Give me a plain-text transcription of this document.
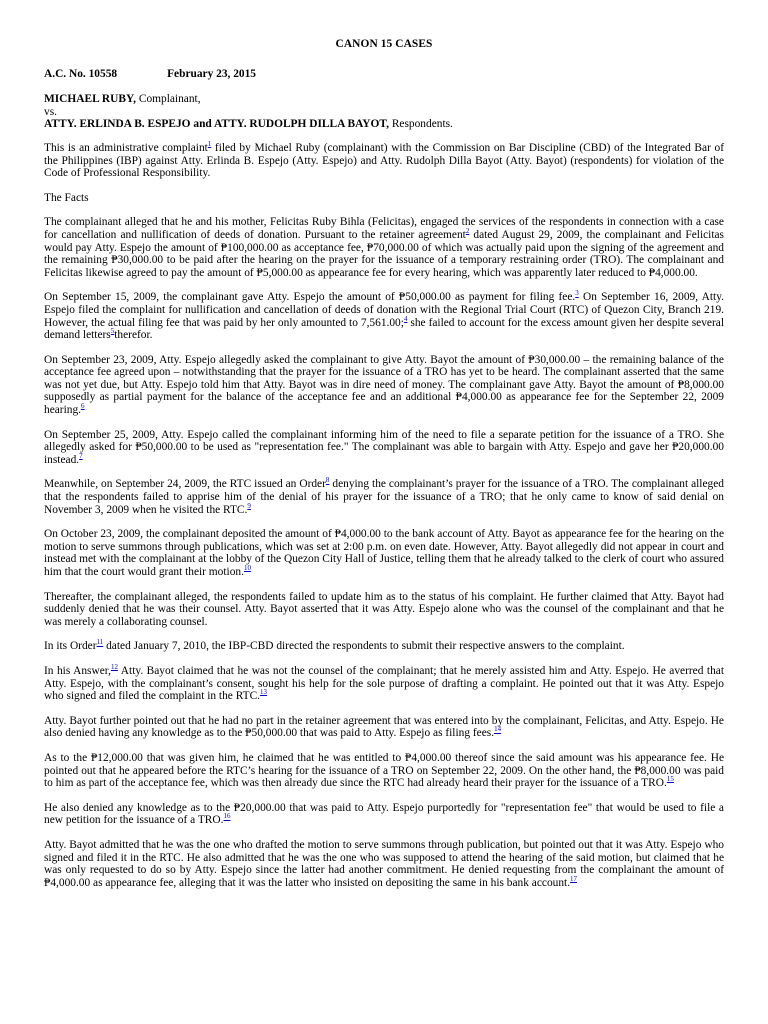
CANON 15 CASES
A.C. No. 10558	February 23, 2015
MICHAEL RUBY, Complainant,
vs.
ATTY. ERLINDA B. ESPEJO and ATTY. RUDOLPH DILLA BAYOT, Respondents.
This is an administrative complaint$^1$ filed by Michael Ruby (complainant) with the Commission on Bar Discipline (CBD) of the Integrated Bar of the Philippines (IBP) against Atty. Erlinda B. Espejo (Atty. Espejo) and Atty. Rudolph Dilla Bayot (Atty. Bayot) (respondents) for violation of the Code of Professional Responsibility.
The Facts
The complainant alleged that he and his mother, Felicitas Ruby Bihla (Felicitas), engaged the services of the respondents in connection with a case for cancellation and nullification of deeds of donation. Pursuant to the retainer agreement$^2$ dated August 29, 2009, the complainant and Felicitas would pay Atty. Espejo the amount of ₱100,000.00 as acceptance fee, ₱70,000.00 of which was actually paid upon the signing of the agreement and the remaining ₱30,000.00 to be paid after the hearing on the prayer for the issuance of a temporary restraining order (TRO). The complainant and Felicitas likewise agreed to pay the amount of ₱5,000.00 as appearance fee for every hearing, which was apparently later reduced to ₱4,000.00.
On September 15, 2009, the complainant gave Atty. Espejo the amount of ₱50,000.00 as payment for filing fee.$^3$ On September 16, 2009, Atty. Espejo filed the complaint for nullification and cancellation of deeds of donation with the Regional Trial Court (RTC) of Quezon City, Branch 219. However, the actual filing fee that was paid by her only amounted to 7,561.00;$^4$ she failed to account for the excess amount given her despite several demand letters$^5$therefor.
On September 23, 2009, Atty. Espejo allegedly asked the complainant to give Atty. Bayot the amount of ₱30,000.00 – the remaining balance of the acceptance fee agreed upon – notwithstanding that the prayer for the issuance of a TRO has yet to be heard. The complainant asserted that the same was not yet due, but Atty. Espejo told him that Atty. Bayot was in dire need of money. The complainant gave Atty. Bayot the amount of ₱8,000.00 supposedly as partial payment for the balance of the acceptance fee and an additional ₱4,000.00 as appearance fee for the September 22, 2009 hearing.$^6$
On September 25, 2009, Atty. Espejo called the complainant informing him of the need to file a separate petition for the issuance of a TRO. She allegedly asked for ₱50,000.00 to be used as "representation fee." The complainant was able to bargain with Atty. Espejo and gave her ₱20,000.00 instead.$^7$
Meanwhile, on September 24, 2009, the RTC issued an Order$^8$ denying the complainant’s prayer for the issuance of a TRO. The complainant alleged that the respondents failed to apprise him of the denial of his prayer for the issuance of a TRO; that he only came to know of said denial on November 3, 2009 when he visited the RTC.$^9$
On October 23, 2009, the complainant deposited the amount of ₱4,000.00 to the bank account of Atty. Bayot as appearance fee for the hearing on the motion to serve summons through publications, which was set at 2:00 p.m. on even date. However, Atty. Bayot allegedly did not appear in court and instead met with the complainant at the lobby of the Quezon City Hall of Justice, telling them that he already talked to the clerk of court who assured him that the court would grant their motion.$^{10}$
Thereafter, the complainant alleged, the respondents failed to update him as to the status of his complaint. He further claimed that Atty. Bayot had suddenly denied that he was their counsel. Atty. Bayot asserted that it was Atty. Espejo alone who was the counsel of the complainant and that he was merely a collaborating counsel.
In its Order$^{11}$ dated January 7, 2010, the IBP-CBD directed the respondents to submit their respective answers to the complaint.
In his Answer,$^{12}$ Atty. Bayot claimed that he was not the counsel of the complainant; that he merely assisted him and Atty. Espejo. He averred that Atty. Espejo, with the complainant’s consent, sought his help for the sole purpose of drafting a complaint. He pointed out that it was Atty. Espejo who signed and filed the complaint in the RTC.$^{13}$
Atty. Bayot further pointed out that he had no part in the retainer agreement that was entered into by the complainant, Felicitas, and Atty. Espejo. He also denied having any knowledge as to the ₱50,000.00 that was paid to Atty. Espejo as filing fees.$^{14}$
As to the ₱12,000.00 that was given him, he claimed that he was entitled to ₱4,000.00 thereof since the said amount was his appearance fee. He pointed out that he appeared before the RTC’s hearing for the issuance of a TRO on September 22, 2009. On the other hand, the ₱8,000.00 was paid to him as part of the acceptance fee, which was then already due since the RTC had already heard their prayer for the issuance of a TRO.$^{15}$
He also denied any knowledge as to the ₱20,000.00 that was paid to Atty. Espejo purportedly for "representation fee" that would be used to file a new petition for the issuance of a TRO.$^{16}$
Atty. Bayot admitted that he was the one who drafted the motion to serve summons through publication, but pointed out that it was Atty. Espejo who signed and filed it in the RTC. He also admitted that he was the one who was supposed to attend the hearing of the said motion, but claimed that he was only requested to do so by Atty. Espejo since the latter had another commitment. He denied requesting from the complainant the amount of ₱4,000.00 as appearance fee, alleging that it was the latter who insisted on depositing the same in his bank account.$^{17}$
